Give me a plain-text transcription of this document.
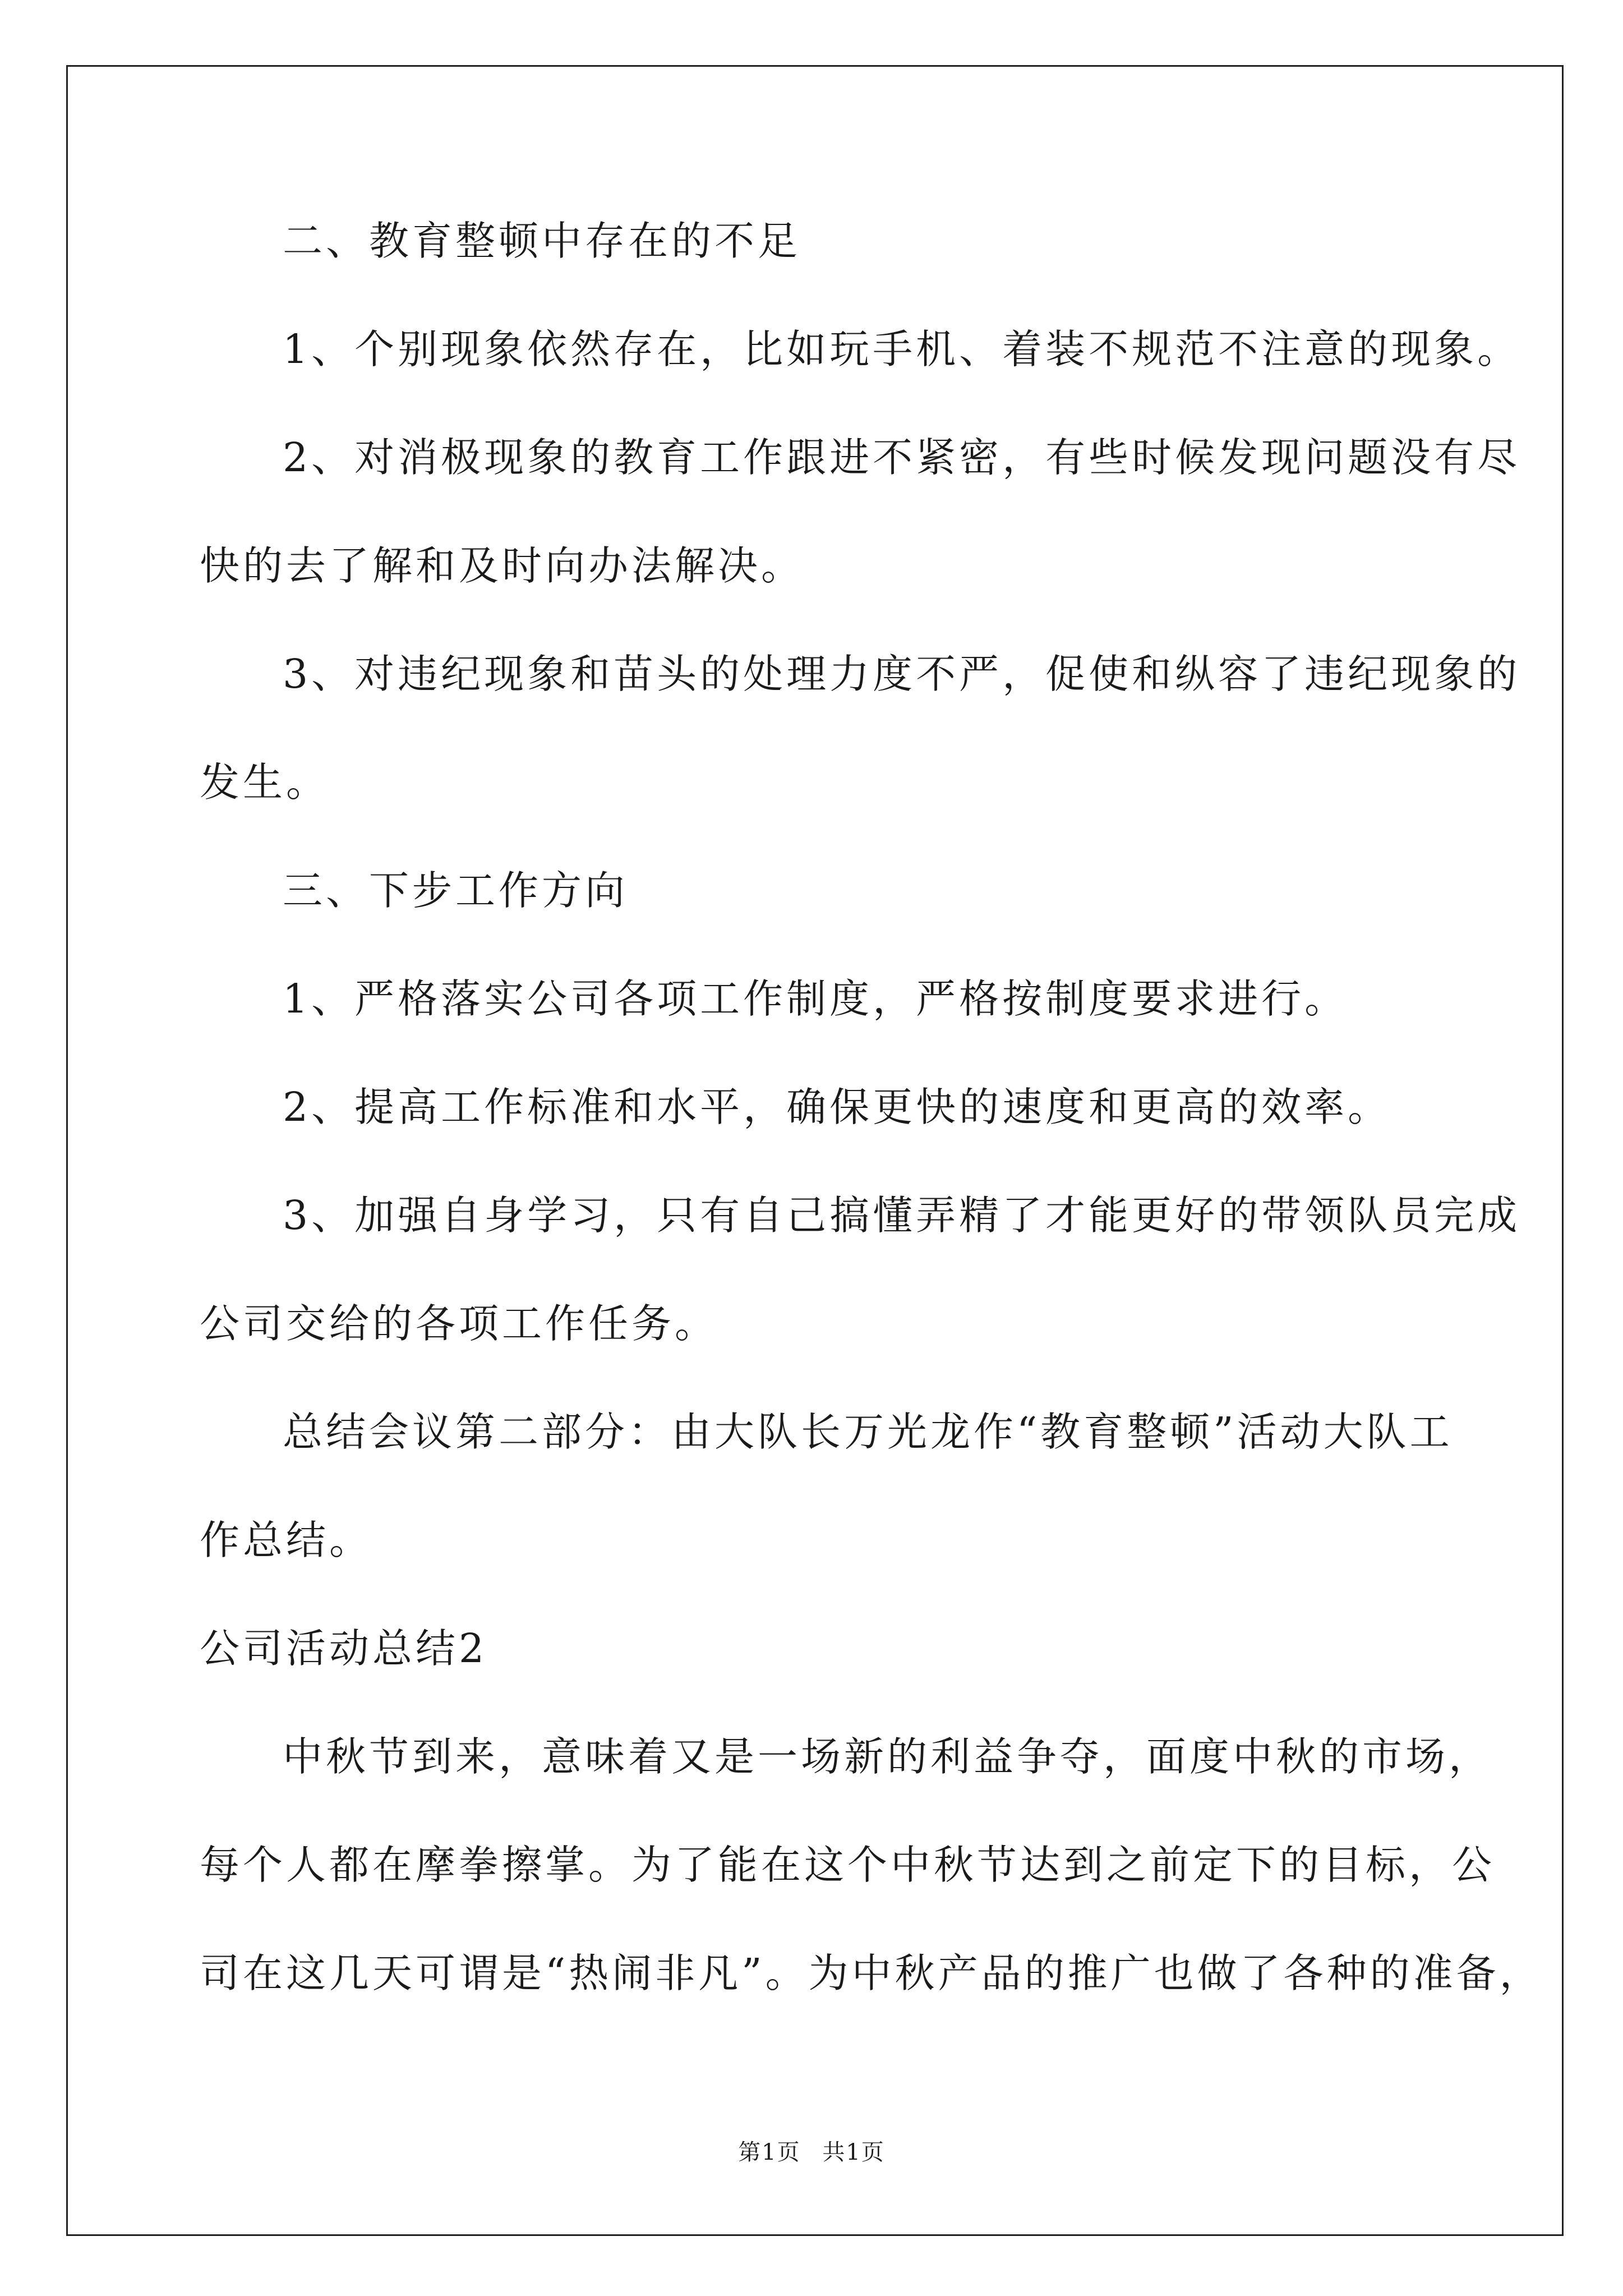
二、教育整顿中存在的不足
1、个别现象依然存在，比如玩手机、着装不规范不注意的现象。
2、对消极现象的教育工作跟进不紧密，有些时候发现问题没有尽
快的去了解和及时向办法解决。
3、对违纪现象和苗头的处理力度不严，促使和纵容了违纪现象的
发生。
三、下步工作方向
1、严格落实公司各项工作制度，严格按制度要求进行。
2、提高工作标准和水平，确保更快的速度和更高的效率。
3、加强自身学习，只有自己搞懂弄精了才能更好的带领队员完成
公司交给的各项工作任务。
总结会议第二部分：由大队长万光龙作“教育整顿”活动大队工
作总结。
公司活动总结2
中秋节到来，意味着又是一场新的利益争夺，面度中秋的市场，
每个人都在摩拳擦掌。为了能在这个中秋节达到之前定下的目标，公
司在这几天可谓是“热闹非凡”。为中秋产品的推广也做了各种的准备，
第1页 共1页
